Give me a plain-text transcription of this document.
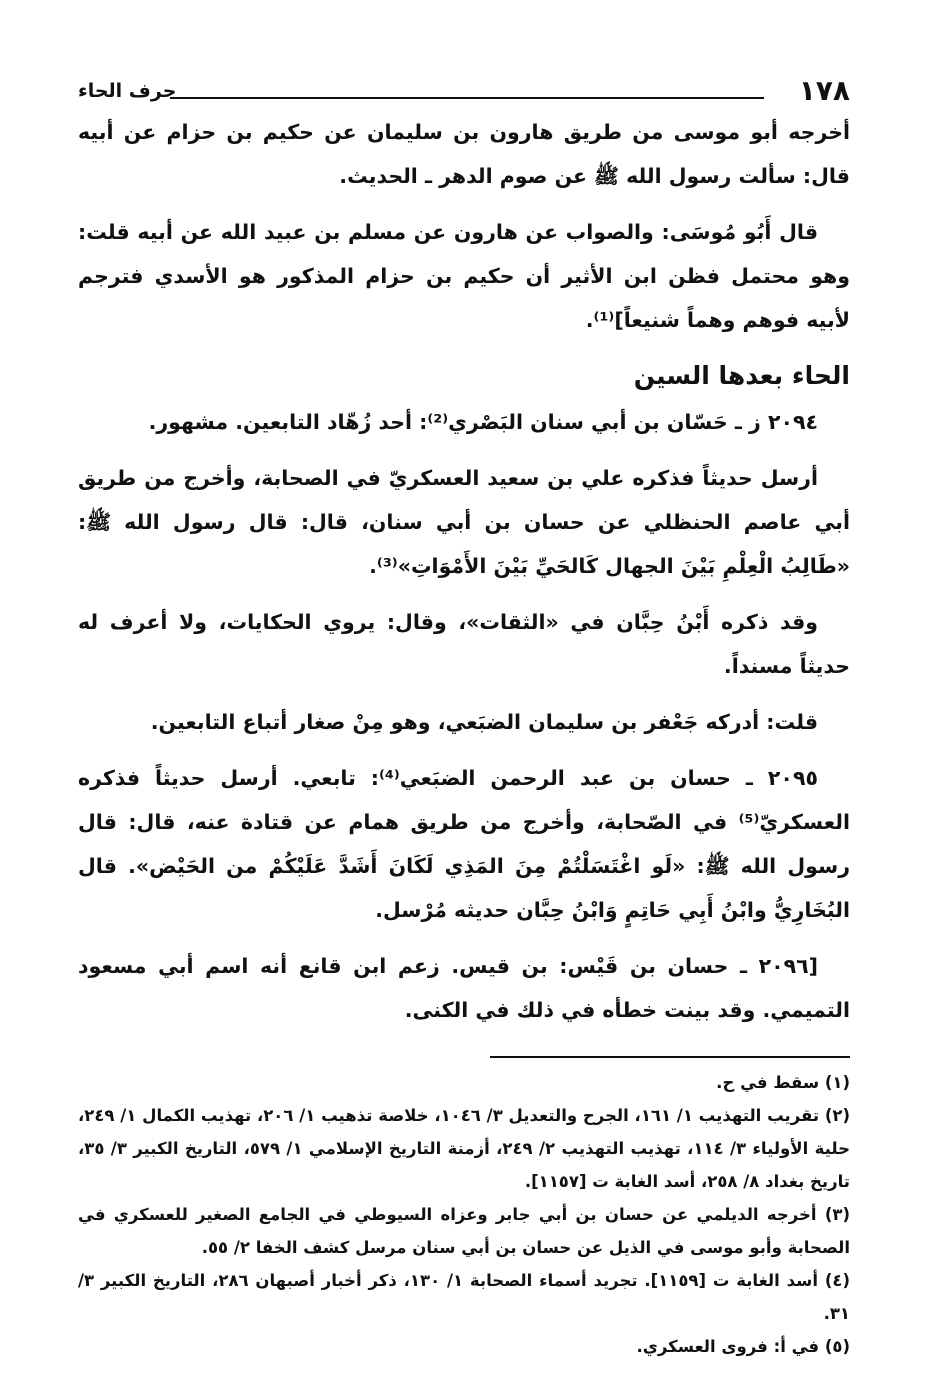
١٧٨
حرف الحاء

أخرجه أبو موسى من طريق هارون بن سليمان عن حكيم بن حزام عن أبيه قال: سألت رسول الله ﷺ عن صوم الدهر ـ الحديث.

قال أَبُو مُوسَى: والصواب عن هارون عن مسلم بن عبيد الله عن أبيه قلت: وهو محتمل فظن ابن الأثير أن حكيم بن حزام المذكور هو الأسدي فترجم لأبيه فوهم وهماً شنيعاً]⁽¹⁾.

الحاء بعدها السين

٢٠٩٤ ز ـ حَسّان بن أبي سنان البَصْري⁽²⁾: أحد زُهّاد التابعين. مشهور.

أرسل حديثاً فذكره علي بن سعيد العسكريّ في الصحابة، وأخرج من طريق أبي عاصم الحنظلي عن حسان بن أبي سنان، قال: قال رسول الله ﷺ: «طَالِبُ الْعِلْمِ بَيْنَ الجهال كَالحَيِّ بَيْنَ الأَمْوَاتِ»⁽³⁾.

وقد ذكره أَبْنُ حِبَّان في «الثقات»، وقال: يروي الحكايات، ولا أعرف له حديثاً مسنداً.

قلت: أدركه جَعْفر بن سليمان الضبَعي، وهو مِنْ صغار أتباع التابعين.

٢٠٩٥ ـ حسان بن عبد الرحمن الضبَعي⁽⁴⁾: تابعي. أرسل حديثاً فذكره العسكريّ⁽⁵⁾ في الصّحابة، وأخرج من طريق همام عن قتادة عنه، قال: قال رسول الله ﷺ: «لَو اغْتَسَلْتُمْ مِنَ المَذِي لَكَانَ أَشَدَّ عَلَيْكُمْ من الحَيْض». قال البُخَارِيُّ وابْنُ أَبِي حَاتِمٍ وَابْنُ حِبَّان حديثه مُرْسل.

[٢٠٩٦ ـ حسان بن قَيْس: بن قيس. زعم ابن قانع أنه اسم أبي مسعود التميمي. وقد بينت خطأه في ذلك في الكنى.

(١) سقط في ح.

(٢) تقريب التهذيب ١/ ١٦١، الجرح والتعديل ٣/ ١٠٤٦، خلاصة تذهيب ١/ ٢٠٦، تهذيب الكمال ١/ ٢٤٩، حلية الأولياء ٣/ ١١٤، تهذيب التهذيب ٢/ ٢٤٩، أزمنة التاريخ الإسلامي ١/ ٥٧٩، التاريخ الكبير ٣/ ٣٥، تاريخ بغداد ٨/ ٢٥٨، أسد الغابة ت [١١٥٧].

(٣) أخرجه الديلمي عن حسان بن أبي جابر وعزاه السيوطي في الجامع الصغير للعسكري في الصحابة وأبو موسى في الذيل عن حسان بن أبي سنان مرسل كشف الخفا ٢/ ٥٥.

(٤) أسد الغابة ت [١١٥٩]. تجريد أسماء الصحابة ١/ ١٣٠، ذكر أخبار أصبهان ٢٨٦، التاريخ الكبير ٣/ ٣١.

(٥) في أ: فروى العسكري.
